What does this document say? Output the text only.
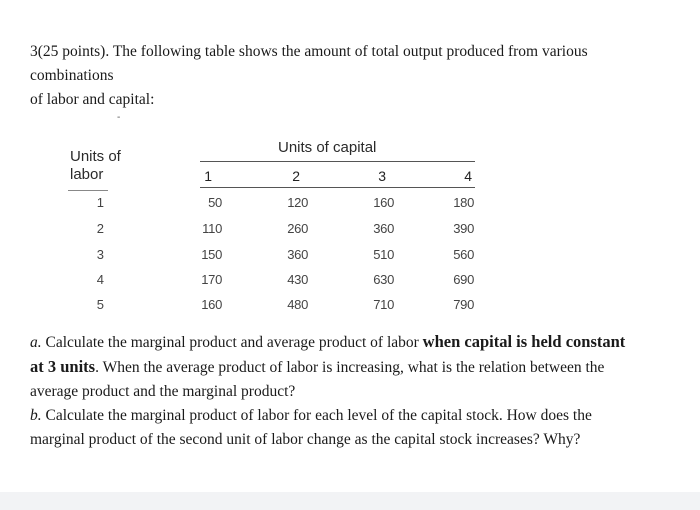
3(25 points). The following table shows the amount of total output produced from various
combinations
of labor and capital:
-
Units of
labor
Units of capital
1	2	3	4
1	50	120	160	180
2	110	260	360	390
3	150	360	510	560
4	170	430	630	690
5	160	480	710	790
a. Calculate the marginal product and average product of labor when capital is held constant
at 3 units. When the average product of labor is increasing, what is the relation between the
average product and the marginal product?
b. Calculate the marginal product of labor for each level of the capital stock. How does the
marginal product of the second unit of labor change as the capital stock increases? Why?
